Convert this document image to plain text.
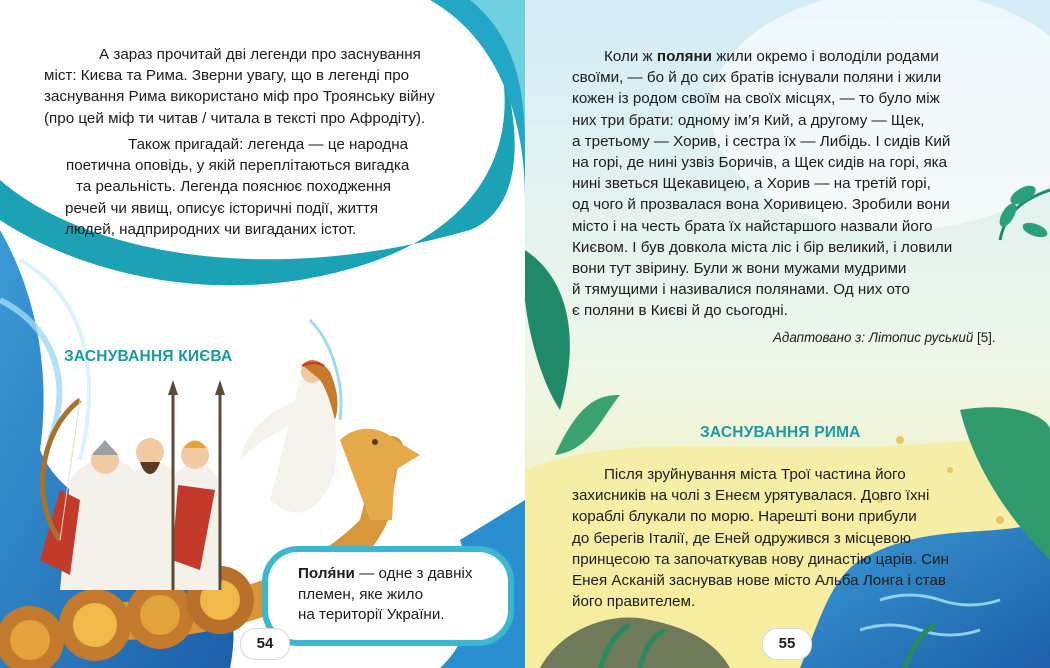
А зараз прочитай дві легенди про заснування
міст: Києва та Рима. Зверни увагу, що в легенді про
заснування Рима використано міф про Троянську війну
(про цей міф ти читав / читала в тексті про Афродіту).

Також пригадай: легенда — це народна
поетична оповідь, у якій переплітаються вигадка
та реальність. Легенда пояснює походження
речей чи явищ, описує історичні події, життя
людей, надприродних чи вигаданих істот.

ЗАСНУВАННЯ КИЄВА

Поля́ни — одне з давніх
племен, яке жило
на території України.

54

Коли ж поляни жили окремо і володіли родами
своїми, — бо й до сих братів існували поляни і жили
кожен із родом своїм на своїх місцях, — то було між
них три брати: одному ім’я Кий, а другому — Щек,
а третьому — Хорив, і сестра їх — Либідь. І сидів Кий
на горі, де нині узвіз Боричів, а Щек сидів на горі, яка
нині зветься Щекавицею, а Хорив — на третій горі,
од чого й прозвалася вона Хоривицею. Зробили вони
місто і на честь брата їх найстаршого назвали його
Києвом. І був довкола міста ліс і бір великий, і ловили
вони тут звірину. Були ж вони мужами мудрими
й тямущими і називалися полянами. Од них ото
є поляни в Києві й до сьогодні.

Адаптовано з: Літопис руський [5].

ЗАСНУВАННЯ РИМА

Після зруйнування міста Трої частина його
захисників на чолі з Енеєм урятувалася. Довго їхні
кораблі блукали по морю. Нарешті вони прибули
до берегів Італії, де Еней одружився з місцевою
принцесою та започаткував нову династію царів. Син
Енея Асканій заснував нове місто Альба Лонга і став
його правителем.

55
